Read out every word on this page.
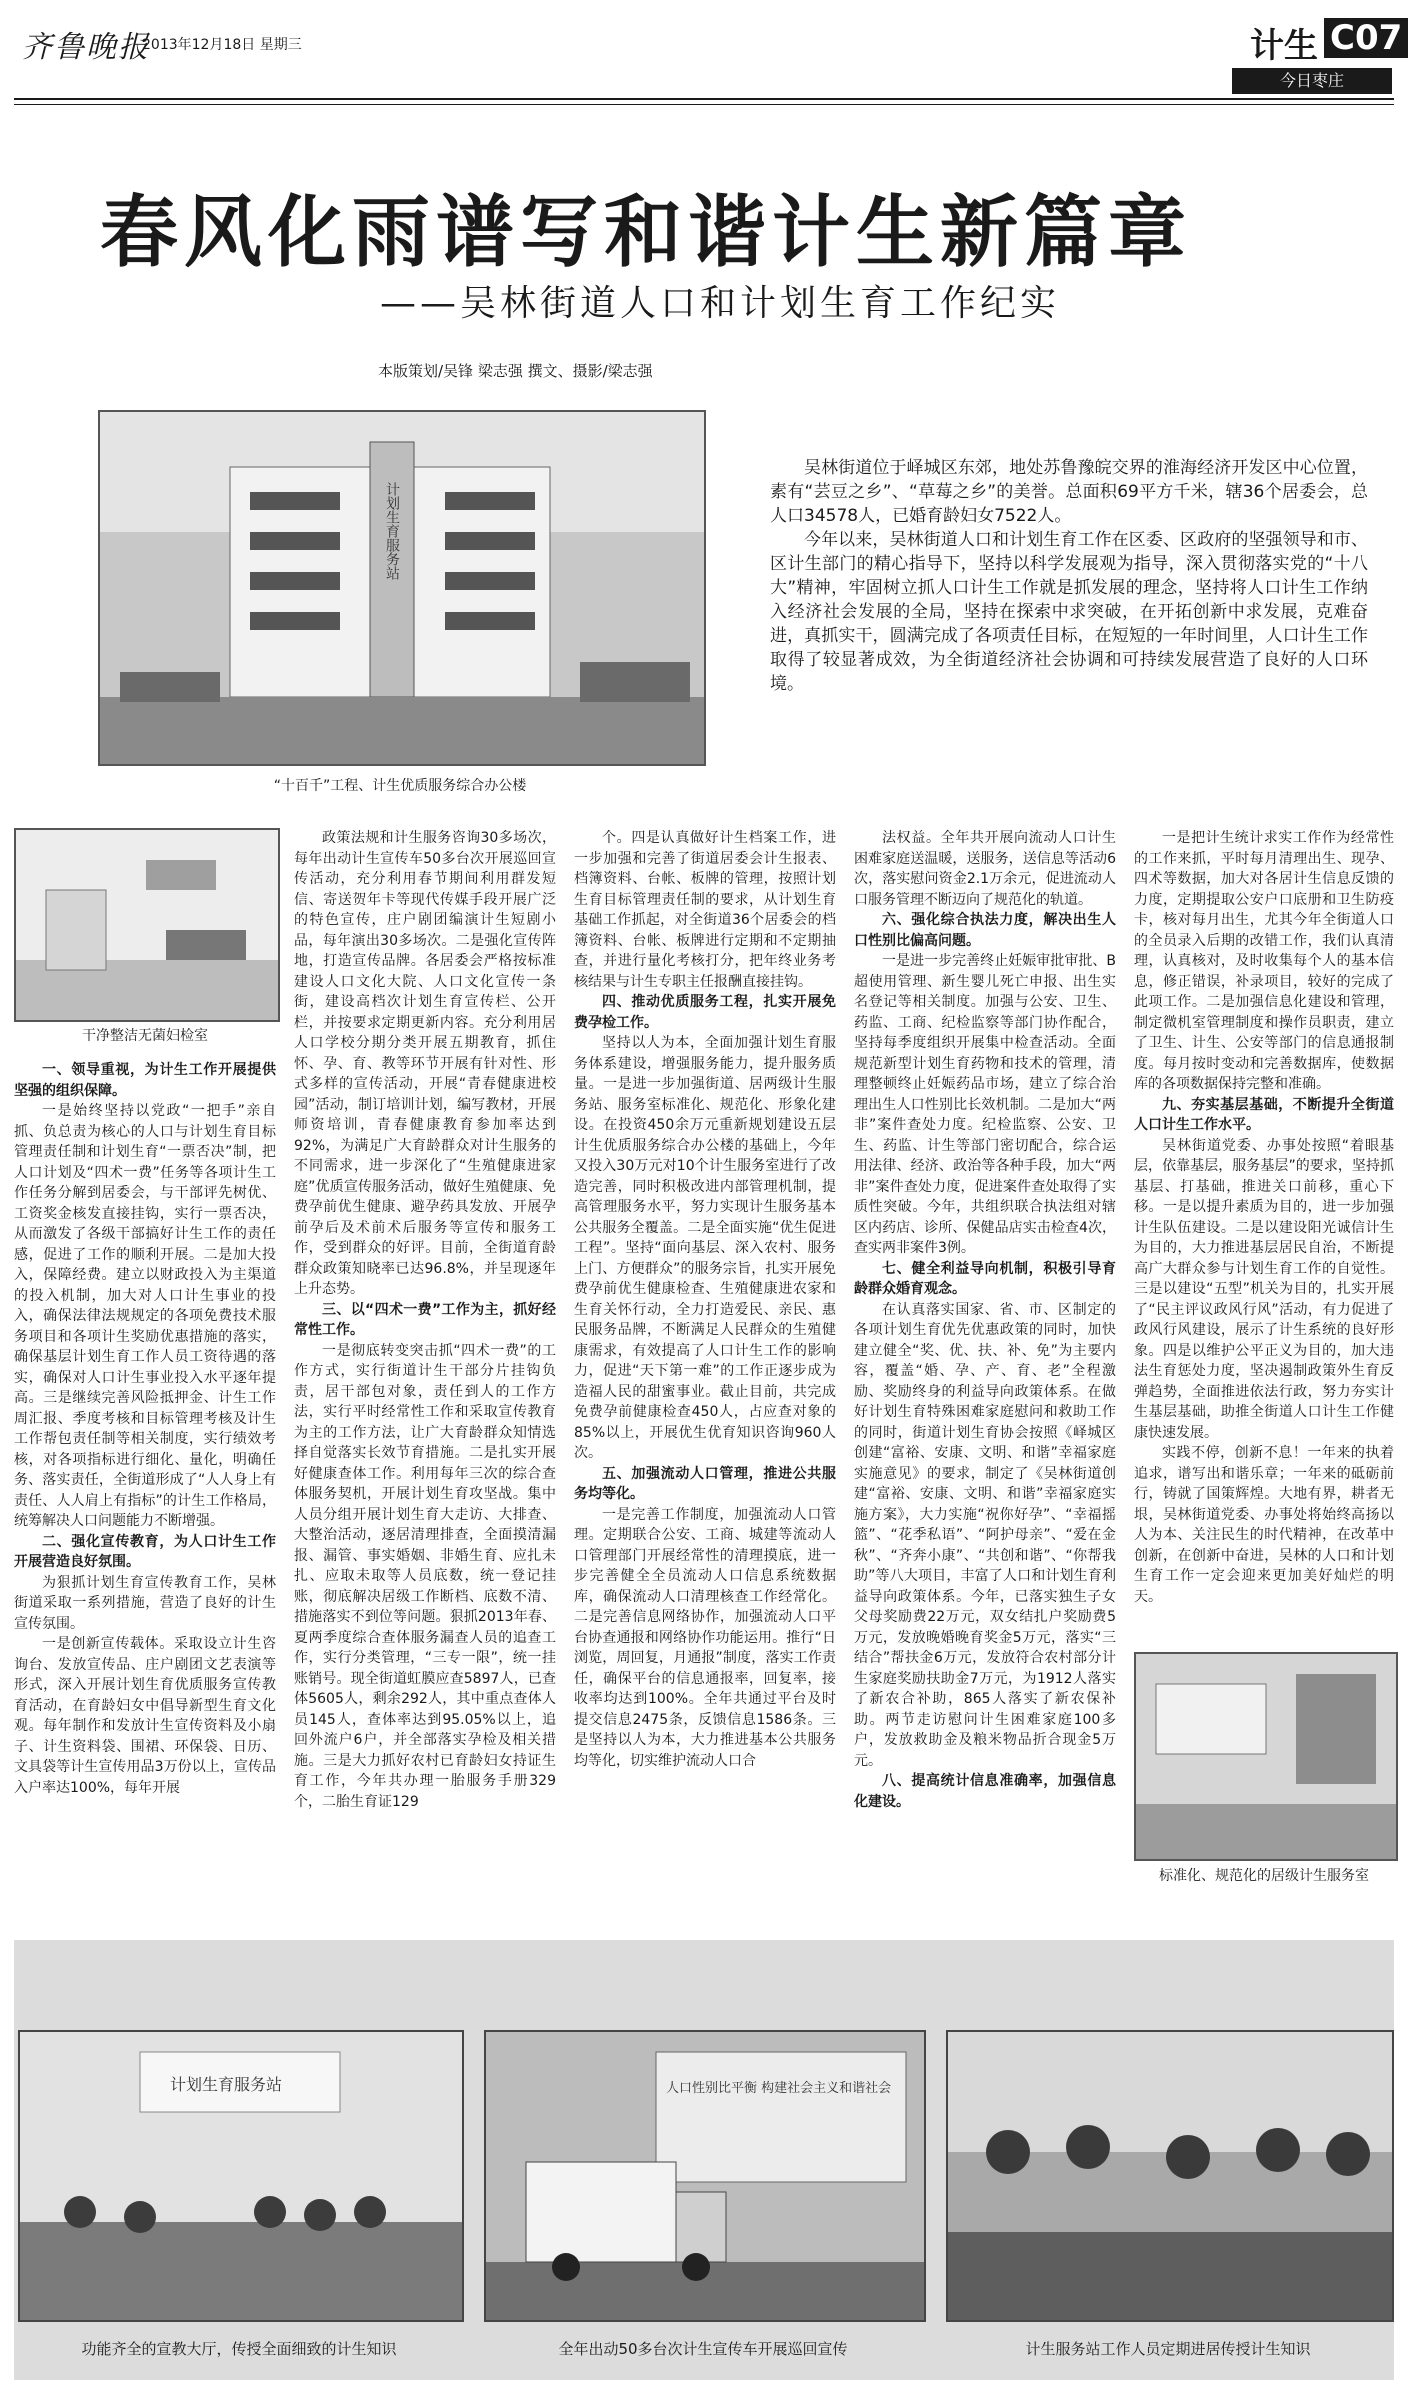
齐鲁晚报
2013年12月18日 星期三	计生 C07
今日枣庄
春风化雨谱写和谐计生新篇章
——吴林街道人口和计划生育工作纪实
本版策划/吴锋 梁志强 撰文、摄影/梁志强
计划生育服务站
“十百千”工程、计生优质服务综合办公楼

吴林街道位于峄城区东郊，地处苏鲁豫皖交界的淮海经济开发区中心位置，素有“芸豆之乡”、“草莓之乡”的美誉。总面积69平方千米，辖36个居委会，总人口34578人，已婚育龄妇女7522人。

今年以来，吴林街道人口和计划生育工作在区委、区政府的坚强领导和市、区计生部门的精心指导下，坚持以科学发展观为指导，深入贯彻落实党的“十八大”精神，牢固树立抓人口计生工作就是抓发展的理念，坚持将人口计生工作纳入经济社会发展的全局，坚持在探索中求突破，在开拓创新中求发展，克难奋进，真抓实干，圆满完成了各项责任目标，在短短的一年时间里，人口计生工作取得了较显著成效，为全街道经济社会协调和可持续发展营造了良好的人口环境。

干净整洁无菌妇检室

一、领导重视，为计生工作开展提供坚强的组织保障。

一是始终坚持以党政“一把手”亲自抓、负总责为核心的人口与计划生育目标管理责任制和计划生育“一票否决”制，把人口计划及“四术一费”任务等各项计生工作任务分解到居委会，与干部评先树优、工资奖金核发直接挂钩，实行一票否决，从而激发了各级干部搞好计生工作的责任感，促进了工作的顺利开展。二是加大投入，保障经费。建立以财政投入为主渠道的投入机制，加大对人口计生事业的投入，确保法律法规规定的各项免费技术服务项目和各项计生奖励优惠措施的落实，确保基层计划生育工作人员工资待遇的落实，确保对人口计生事业投入水平逐年提高。三是继续完善风险抵押金、计生工作周汇报、季度考核和目标管理考核及计生工作帮包责任制等相关制度，实行绩效考核，对各项指标进行细化、量化，明确任务、落实责任，全街道形成了“人人身上有责任、人人肩上有指标”的计生工作格局，统筹解决人口问题能力不断增强。

二、强化宣传教育，为人口计生工作开展营造良好氛围。

为狠抓计划生育宣传教育工作，吴林街道采取一系列措施，营造了良好的计生宣传氛围。

一是创新宣传载体。采取设立计生咨询台、发放宣传品、庄户剧团文艺表演等形式，深入开展计划生育优质服务宣传教育活动，在育龄妇女中倡导新型生育文化观。每年制作和发放计生宣传资料及小扇子、计生资料袋、围裙、环保袋、日历、文具袋等计生宣传用品3万份以上，宣传品入户率达100%，每年开展

政策法规和计生服务咨询30多场次，每年出动计生宣传车50多台次开展巡回宣传活动，充分利用春节期间利用群发短信、寄送贺年卡等现代传媒手段开展广泛的特色宣传，庄户剧团编演计生短剧小品，每年演出30多场次。二是强化宣传阵地，打造宣传品牌。各居委会严格按标准建设人口文化大院、人口文化宣传一条街，建设高档次计划生育宣传栏、公开栏，并按要求定期更新内容。充分利用居人口学校分期分类开展五期教育，抓住怀、孕、育、教等环节开展有针对性、形式多样的宣传活动，开展“青春健康进校园”活动，制订培训计划，编写教材，开展师资培训，青春健康教育参加率达到92%，为满足广大育龄群众对计生服务的不同需求，进一步深化了“生殖健康进家庭”优质宣传服务活动，做好生殖健康、免费孕前优生健康、避孕药具发放、开展孕前孕后及术前术后服务等宣传和服务工作，受到群众的好评。目前，全街道育龄群众政策知晓率已达96.8%，并呈现逐年上升态势。

三、以“四术一费”工作为主，抓好经常性工作。

一是彻底转变突击抓“四术一费”的工作方式，实行街道计生干部分片挂钩负责，居干部包对象，责任到人的工作方法，实行平时经常性工作和采取宣传教育为主的工作方法，让广大育龄群众知情选择自觉落实长效节育措施。二是扎实开展好健康查体工作。利用每年三次的综合查体服务契机，开展计划生育攻坚战。集中人员分组开展计划生育大走访、大排查、大整治活动，逐居清理排查，全面摸清漏报、漏管、事实婚姻、非婚生育、应扎未扎、应取未取等人员底数，统一登记挂账，彻底解决居级工作断档、底数不清、措施落实不到位等问题。狠抓2013年春、夏两季度综合查体服务漏查人员的追查工作，实行分类管理，“三专一限”，统一挂账销号。现全街道虹膜应查5897人，已查体5605人，剩余292人，其中重点查体人员145人，查体率达到95.05%以上，追回外流户6户，并全部落实孕检及相关措施。三是大力抓好农村已育龄妇女持证生育工作，今年共办理一胎服务手册329个，二胎生育证129

个。四是认真做好计生档案工作，进一步加强和完善了街道居委会计生报表、档簿资料、台帐、板牌的管理，按照计划生育目标管理责任制的要求，从计划生育基础工作抓起，对全街道36个居委会的档簿资料、台帐、板牌进行定期和不定期抽查，并进行量化考核打分，把年终业务考核结果与计生专职主任报酬直接挂钩。

四、推动优质服务工程，扎实开展免费孕检工作。

坚持以人为本，全面加强计划生育服务体系建设，增强服务能力，提升服务质量。一是进一步加强街道、居两级计生服务站、服务室标准化、规范化、形象化建设。在投资450余万元重新规划建设五层计生优质服务综合办公楼的基础上，今年又投入30万元对10个计生服务室进行了改造完善，同时积极改进内部管理机制，提高管理服务水平，努力实现计生服务基本公共服务全覆盖。二是全面实施“优生促进工程”。坚持“面向基层、深入农村、服务上门、方便群众”的服务宗旨，扎实开展免费孕前优生健康检查、生殖健康进农家和生育关怀行动，全力打造爱民、亲民、惠民服务品牌，不断满足人民群众的生殖健康需求，有效提高了人口计生工作的影响力，促进“天下第一难”的工作正逐步成为造福人民的甜蜜事业。截止目前，共完成免费孕前健康检查450人，占应查对象的85%以上，开展优生优育知识咨询960人次。

五、加强流动人口管理，推进公共服务均等化。

一是完善工作制度，加强流动人口管理。定期联合公安、工商、城建等流动人口管理部门开展经常性的清理摸底，进一步完善健全全员流动人口信息系统数据库，确保流动人口清理核查工作经常化。二是完善信息网络协作，加强流动人口平台协查通报和网络协作功能运用。推行“日浏览，周回复，月通报”制度，落实工作责任，确保平台的信息通报率，回复率，接收率均达到100%。全年共通过平台及时提交信息2475条，反馈信息1586条。三是坚持以人为本，大力推进基本公共服务均等化，切实维护流动人口合

法权益。全年共开展向流动人口计生困难家庭送温暖，送服务，送信息等活动6次，落实慰问资金2.1万余元，促进流动人口服务管理不断迈向了规范化的轨道。

六、强化综合执法力度，解决出生人口性别比偏高问题。

一是进一步完善终止妊娠审批审批、B超使用管理、新生婴儿死亡申报、出生实名登记等相关制度。加强与公安、卫生、药监、工商、纪检监察等部门协作配合，坚持每季度组织开展集中检查活动。全面规范新型计划生育药物和技术的管理，清理整顿终止妊娠药品市场，建立了综合治理出生人口性别比长效机制。二是加大“两非”案件查处力度。纪检监察、公安、卫生、药监、计生等部门密切配合，综合运用法律、经济、政治等各种手段，加大“两非”案件查处力度，促进案件查处取得了实质性突破。今年，共组织联合执法组对辖区内药店、诊所、保健品店实击检查4次，查实两非案件3例。

七、健全利益导向机制，积极引导育龄群众婚育观念。

在认真落实国家、省、市、区制定的各项计划生育优先优惠政策的同时，加快建立健全“奖、优、扶、补、免”为主要内容，覆盖“婚、孕、产、育、老”全程激励、奖励终身的利益导向政策体系。在做好计划生育特殊困难家庭慰问和救助工作的同时，街道计划生育协会按照《峄城区创建“富裕、安康、文明、和谐”幸福家庭实施意见》的要求，制定了《吴林街道创建“富裕、安康、文明、和谐”幸福家庭实施方案》，大力实施“祝你好孕”、“幸福摇篮”、“花季私语”、“阿护母亲”、“爱在金秋”、“齐奔小康”、“共创和谐”、“你帮我助”等八大项目，丰富了人口和计划生育利益导向政策体系。今年，已落实独生子女父母奖励费22万元，双女结扎户奖励费5万元，发放晚婚晚育奖金5万元，落实“三结合”帮扶金6万元，发放符合农村部分计生家庭奖励扶助金7万元，为1912人落实了新农合补助，865人落实了新农保补助。两节走访慰问计生困难家庭100多户，发放救助金及粮米物品折合现金5万元。

八、提高统计信息准确率，加强信息化建设。

一是把计生统计求实工作作为经常性的工作来抓，平时每月清理出生、现孕、四术等数据，加大对各居计生信息反馈的力度，定期提取公安户口底册和卫生防疫卡，核对每月出生，尤其今年全街道人口的全员录入后期的改错工作，我们认真清理，认真核对，及时收集每个人的基本信息，修正错误，补录项目，较好的完成了此项工作。二是加强信息化建设和管理，制定微机室管理制度和操作员职责，建立了卫生、计生、公安等部门的信息通报制度。每月按时变动和完善数据库，使数据库的各项数据保持完整和准确。

九、夯实基层基础，不断提升全街道人口计生工作水平。

吴林街道党委、办事处按照“着眼基层，依靠基层，服务基层”的要求，坚持抓基层、打基础，推进关口前移，重心下移。一是以提升素质为目的，进一步加强计生队伍建设。二是以建设阳光诚信计生为目的，大力推进基层居民自治，不断提高广大群众参与计划生育工作的自觉性。三是以建设“五型”机关为目的，扎实开展了“民主评议政风行风”活动，有力促进了政风行风建设，展示了计生系统的良好形象。四是以维护公平正义为目的，加大违法生育惩处力度，坚决遏制政策外生育反弹趋势，全面推进依法行政，努力夯实计生基层基础，助推全街道人口计生工作健康快速发展。

实践不停，创新不息！一年来的执着追求，谱写出和谐乐章；一年来的砥砺前行，铸就了国策辉煌。大地有界，耕者无垠，吴林街道党委、办事处将始终高扬以人为本、关注民生的时代精神，在改革中创新，在创新中奋进，吴林的人口和计划生育工作一定会迎来更加美好灿烂的明天。

标准化、规范化的居级计生服务室
计划生育服务站
功能齐全的宣教大厅，传授全面细致的计生知识
人口性别比平衡 构建社会主义和谐社会
全年出动50多台次计生宣传车开展巡回宣传	计生服务站工作人员定期进居传授计生知识
